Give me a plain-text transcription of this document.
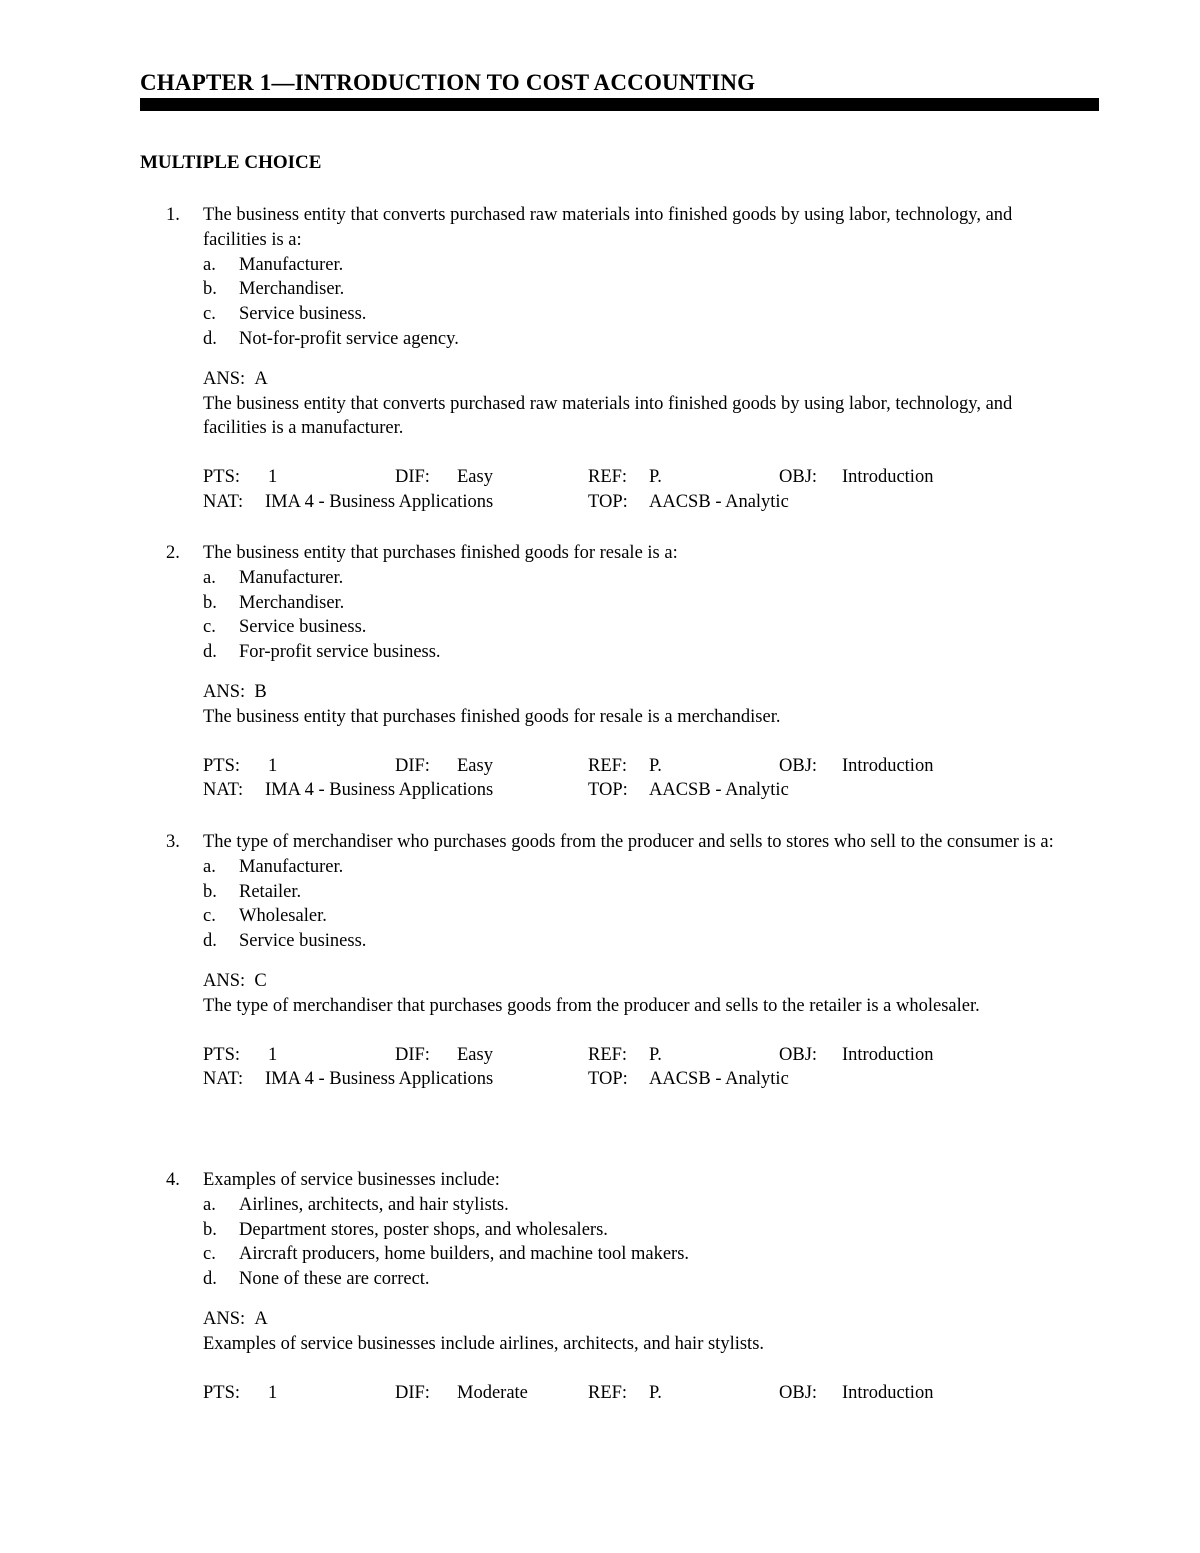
CHAPTER 1—INTRODUCTION TO COST ACCOUNTING
MULTIPLE CHOICE
1.	The business entity that converts purchased raw materials into finished goods by using labor, technology, and facilities is a:

a. Manufacturer.
b. Merchandiser.
c. Service business.
d. Not-for-profit service agency.
ANS: A

The business entity that converts purchased raw materials into finished goods by using labor, technology, and facilities is a manufacturer.

PTS: 1	DIF: Easy	REF: P.	OBJ: Introduction
NAT: IMA 4 - Business Applications	TOP: AACSB - Analytic
2.	The business entity that purchases finished goods for resale is a:

a. Manufacturer.
b. Merchandiser.
c. Service business.
d. For-profit service business.
ANS: B

The business entity that purchases finished goods for resale is a merchandiser.

PTS: 1	DIF: Easy	REF: P.	OBJ: Introduction
NAT: IMA 4 - Business Applications	TOP: AACSB - Analytic
3.	The type of merchandiser who purchases goods from the producer and sells to stores who sell to the consumer is a:

a. Manufacturer.
b. Retailer.
c. Wholesaler.
d. Service business.
ANS: C

The type of merchandiser that purchases goods from the producer and sells to the retailer is a wholesaler.

PTS: 1	DIF: Easy	REF: P.	OBJ: Introduction
NAT: IMA 4 - Business Applications	TOP: AACSB - Analytic
4.	Examples of service businesses include:

a. Airlines, architects, and hair stylists.
b. Department stores, poster shops, and wholesalers.
c. Aircraft producers, home builders, and machine tool makers.
d. None of these are correct.
ANS: A

Examples of service businesses include airlines, architects, and hair stylists.

PTS: 1	DIF: Moderate	REF: P.	OBJ: Introduction
